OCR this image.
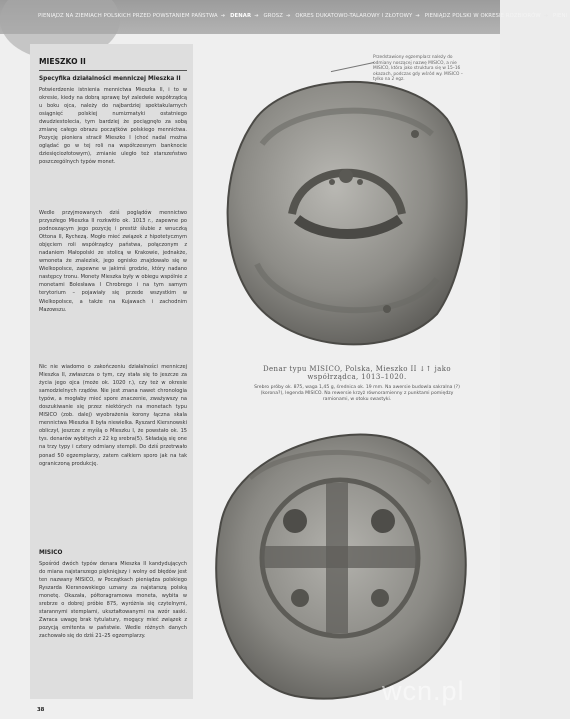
PIENIĄDZ NA ZIEMIACH POLSKICH PRZED POWSTANIEM PAŃSTWA ➔ DENAR ➔ GROSZ ➔ OKRES DUKATOWO-TALAROWY I ZŁOTOWY ➔ PIENIĄDZ POLSKI W OKRESIE ROZBIORÓW ➔ PIENI
MIESZKO II
Specyfika działalności menniczej Mieszka II
Potwierdzenie istnienia mennictwa Mieszka II, i to w okresie, kiedy na dobrą sprawę był zaledwie współrządcą u boku ojca, należy do najbardziej spektakularnych osiągnięć polskiej numizmatyki ostatniego dwudziestolecia, tym bardziej że pociągnęło za sobą zmianę całego obrazu początków polskiego mennictwa. Pozycję pioniera stracił Mieszko I (choć nadal można oglądać go w tej roli na współczesnym banknocie dziesięciozłotowym), zmianie uległo też starszeństwo poszczególnych typów monet.
Wedle przyjmowanych dziś poglądów mennictwo przyszłego Mieszka II rozkwitło ok. 1013 r., zapewne po podnoszącym jego pozycję i prestiż ślubie z wnuczką Ottona II, Rychezą. Mogło mieć związek z hipotetycznym objęciem roli współrządcy państwa, połączonym z nadaniem Małopolski ze stolicą w Krakowie, jednakże, wmoneta że znalezisk, jego ognisko znajdowało się w Wielkopolsce, zapewne w jakimś grodzie, który nadano następcy tronu. Monety Mieszka były w obiegu wspólnie z monetami Bolesława I Chrobrego i na tym samym terytorium – pojawiały się przede wszystkim w Wielkopolsce, a także na Kujawach i zachodnim Mazowszu.
Nic nie wiadomo o zakończeniu działalności menniczej Mieszka II, zwłaszcza o tym, czy stała się to jeszcze za życia jego ojca (może ok. 1020 r.), czy też w okresie samodzielnych rządów. Nie jest znana nawet chronologia typów, a mogłaby mieć spore znaczenie, zważywszy na doszukiwanie się przez niektórych na monetach typu MISICO (zob. dalej) wyobrażenia korony łączna skala mennictwa Mieszka II była niewielka. Ryszard Kiersnowski obliczył, jeszcze z myślą o Mieszku I, że powstało ok. 15 tys. denarów wybitych z 22 kg srebra(5). Składają się one na trzy typy i cztery odmiany stempli. Do dziś przetrwało ponad 50 egzemplarzy, zatem całkiem sporo jak na tak ograniczoną produkcję.
MISICO
Spośród dwóch typów denara Mieszka II kandydujących do miana najstarszego pięknięjszy i wolny od błędów jest ten nazwany MISICO, w Początkach pieniądza polskiego Ryszarda Kiersnowskiego uznany za najstarszą polską monetę. Okazała, półtoragramowa moneta, wybita w srebrze o dobrej próbie 875, wyróżnia się czytelnymi, starannymi stemplami, ukształtowanymi na wzór saski. Zwraca uwagę brak tytulatury, mogący mieć związek z pozycją emitenta w państwie. Wedle różnych danych zachowało się do dziś 21–25 egzemplarzy.
Przedstawiony egzemplarz należy do odmiany noszącej nazwę MISICO, a nie MISICO, która jako struktura się w 15–16 okazach, podczas gdy wśród wy. MISICO – tylko na 2 egz.
Denar typu MISICO, Polska, Mieszko II ↓↑ jako współrządca, 1013–1020.
Srebro próby ok. 875, waga 1,45 g, średnica ok. 19 mm. Na awersie budowla sakralna (?) (korona?), legenda MISICO. Na rewersie krzyż równoramienny z punktami pomiędzy ramionami, w otoku swastyki.
38
wcn.pl
